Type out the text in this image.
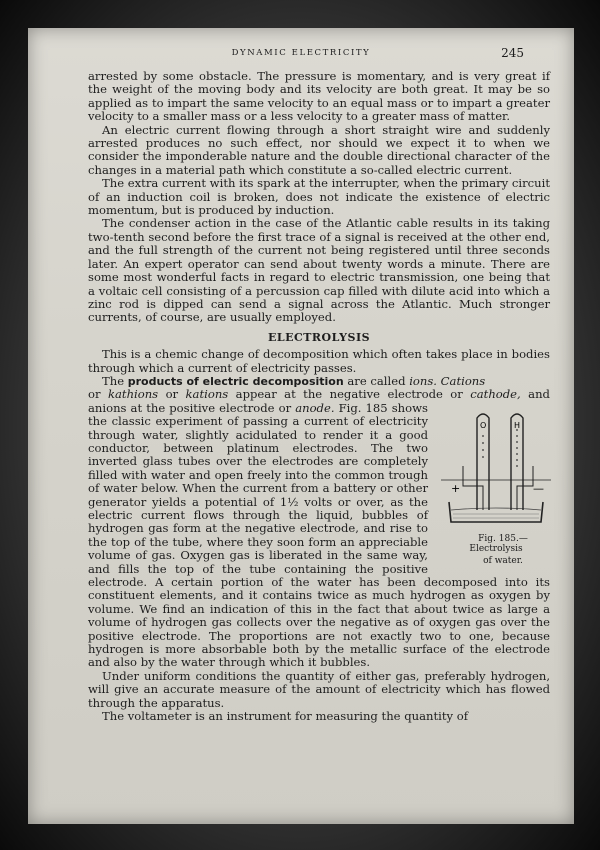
DYNAMIC ELECTRICITY	245

arrested by some obstacle. The pressure is momentary, and is very great if the weight of the moving body and its velocity are both great. It may be so applied as to impart the same velocity to an equal mass or to impart a greater velocity to a smaller mass or a less velocity to a greater mass of matter.

An electric current flowing through a short straight wire and suddenly arrested produces no such effect, nor should we expect it to when we consider the imponderable nature and the double directional character of the changes in a material path which constitute a so-called electric current.

The extra current with its spark at the interrupter, when the primary circuit of an induction coil is broken, does not indicate the existence of electric momentum, but is produced by induction.

The condenser action in the case of the Atlantic cable results in its taking two-tenth second before the first trace of a signal is received at the other end, and the full strength of the current not being registered until three seconds later. An expert operator can send about twenty words a minute. There are some most wonderful facts in regard to electric transmission, one being that a voltaic cell consisting of a percussion cap filled with dilute acid into which a zinc rod is dipped can send a signal across the Atlantic. Much stronger currents, of course, are usually employed.

ELECTROLYSIS

This is a chemic change of decomposition which often takes place in bodies through which a current of electricity passes.

The products of electric decomposition are called ions. Cations
or kathions or kations appear at the negative electrode or cathode, and anions at the positive electrode or anode.
O	H
+	—
Fig. 185.—Electrolysis
of water.
Fig. 185 shows the classic experiment of passing a current of electricity through water, slightly acidulated to render it a good conductor, between platinum electrodes. The two inverted glass tubes over the electrodes are completely filled with water and open freely into the common trough of water below. When the current from a battery or other generator yields a potential of 1½ volts or over, as the electric current flows through the liquid, bubbles of hydrogen gas form at the negative electrode, and rise to the top of the tube, where they soon form an appreciable volume of gas. Oxygen gas is liberated in the same way, and fills the top of the tube containing the positive electrode. A certain portion of the water has been decomposed into its constituent elements, and it contains twice as much hydrogen as oxygen by volume. We find an indication of this in the fact that about twice as large a volume of hydrogen gas collects over the negative as of oxygen gas over the positive electrode. The proportions are not exactly two to one, because hydrogen is more absorbable both by the metallic surface of the electrode and also by the water through which it bubbles.

Under uniform conditions the quantity of either gas, preferably hydrogen, will give an accurate measure of the amount of electricity which has flowed through the apparatus.

The voltameter is an instrument for measuring the quantity of
